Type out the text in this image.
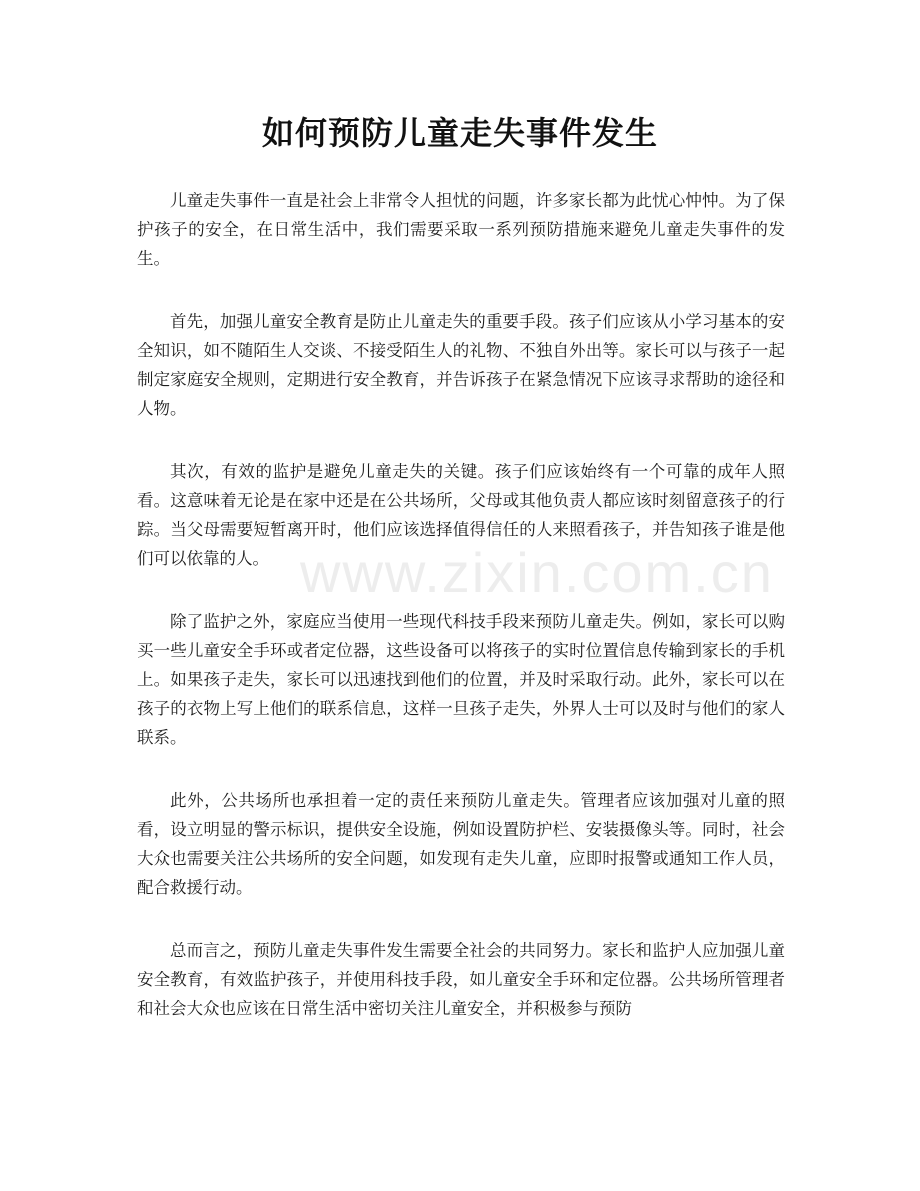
如何预防儿童走失事件发生

儿童走失事件一直是社会上非常令人担忧的问题，许多家长都为此忧心忡忡。为了保护孩子的安全，在日常生活中，我们需要采取一系列预防措施来避免儿童走失事件的发生。

首先，加强儿童安全教育是防止儿童走失的重要手段。孩子们应该从小学习基本的安全知识，如不随陌生人交谈、不接受陌生人的礼物、不独自外出等。家长可以与孩子一起制定家庭安全规则，定期进行安全教育，并告诉孩子在紧急情况下应该寻求帮助的途径和人物。

其次，有效的监护是避免儿童走失的关键。孩子们应该始终有一个可靠的成年人照看。这意味着无论是在家中还是在公共场所，父母或其他负责人都应该时刻留意孩子的行踪。当父母需要短暂离开时，他们应该选择值得信任的人来照看孩子，并告知孩子谁是他们可以依靠的人。

除了监护之外，家庭应当使用一些现代科技手段来预防儿童走失。例如，家长可以购买一些儿童安全手环或者定位器，这些设备可以将孩子的实时位置信息传输到家长的手机上。如果孩子走失，家长可以迅速找到他们的位置，并及时采取行动。此外，家长可以在孩子的衣物上写上他们的联系信息，这样一旦孩子走失，外界人士可以及时与他们的家人联系。

此外，公共场所也承担着一定的责任来预防儿童走失。管理者应该加强对儿童的照看，设立明显的警示标识，提供安全设施，例如设置防护栏、安装摄像头等。同时，社会大众也需要关注公共场所的安全问题，如发现有走失儿童，应即时报警或通知工作人员，配合救援行动。

总而言之，预防儿童走失事件发生需要全社会的共同努力。家长和监护人应加强儿童安全教育，有效监护孩子，并使用科技手段，如儿童安全手环和定位器。公共场所管理者和社会大众也应该在日常生活中密切关注儿童安全，并积极参与预防

www.zixin.com.cn
